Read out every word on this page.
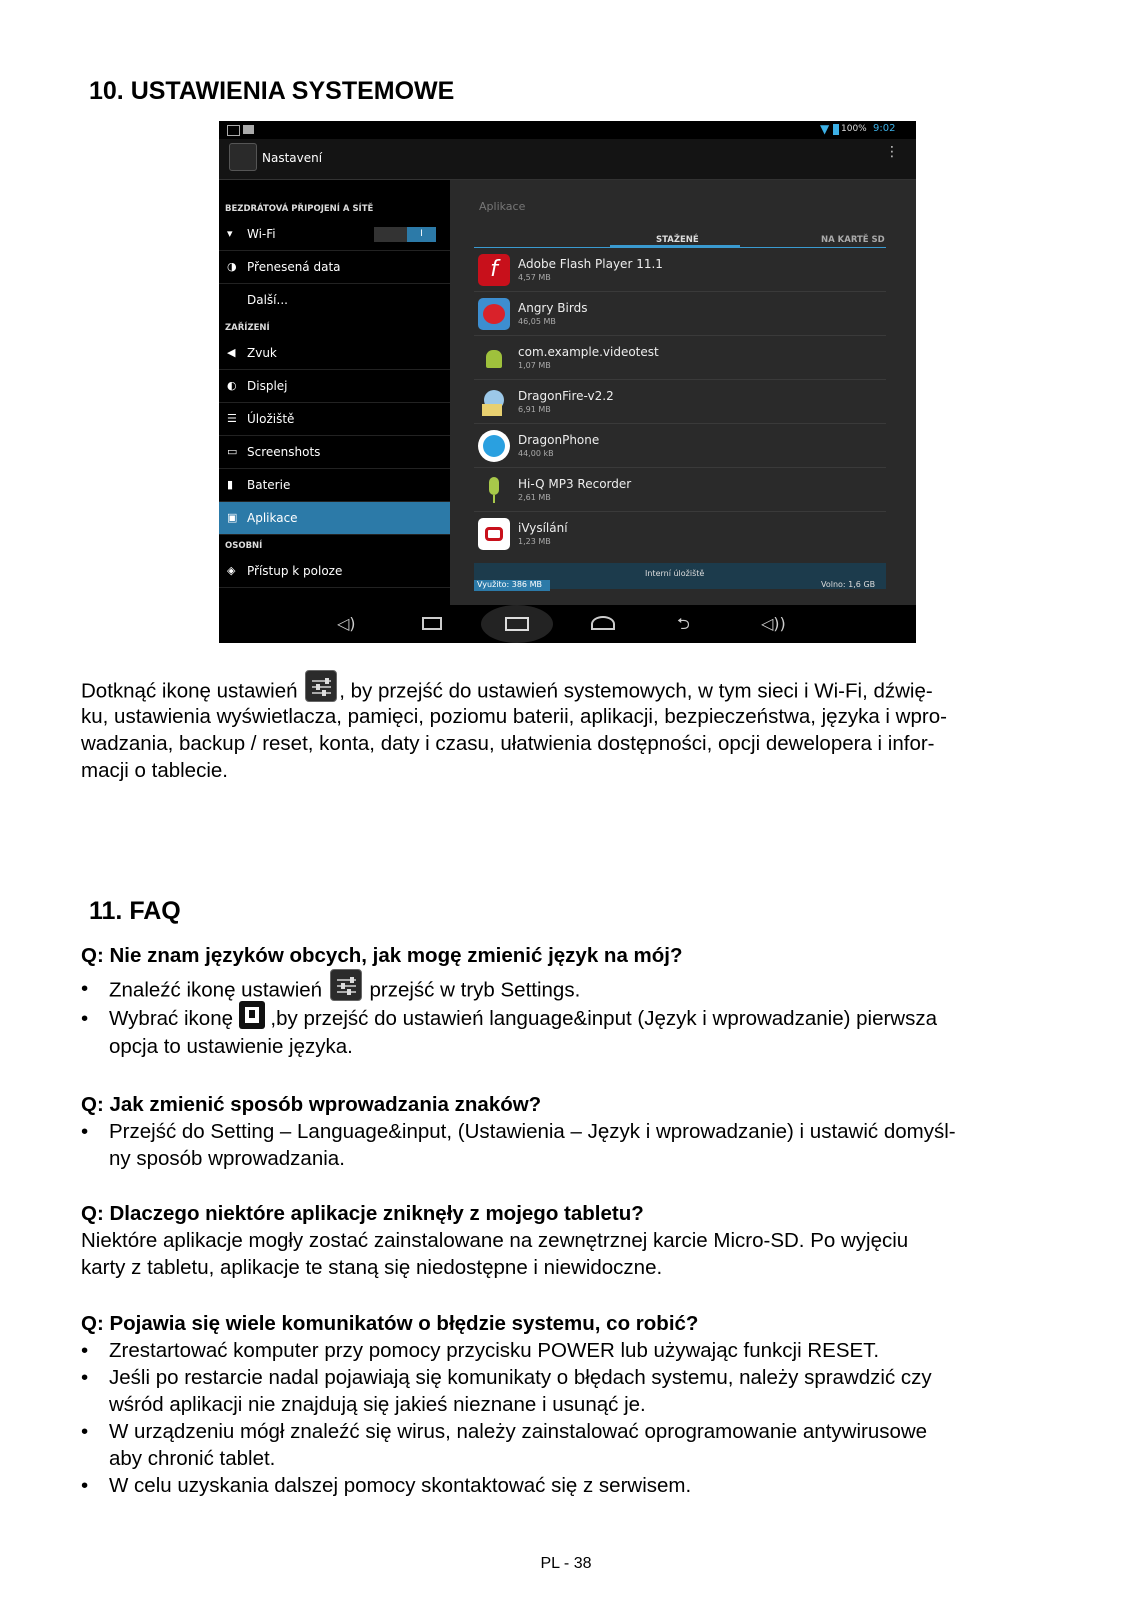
10. USTAWIENIA SYSTEMOWE
▼ 100% 9:02
Nastavení	⋮
BEZDRÁTOVÁ PŘIPOJENÍ A SÍTĚ
▾	Wi-Fi	I
◑ Přenesená data
Další...
ZAŘÍZENÍ
◀ Zvuk
◐ Displej
☰ Úložiště
▭ Screenshots
▮	Baterie
▣ Aplikace
OSOBNÍ
◈ Přístup k poloze
Aplikace
STAŽENÉ	NA KARTĚ SD
f	Adobe Flash Player 11.1
4,57 MB
Angry Birds
46,05 MB
com.example.videotest
1,07 MB
DragonFire-v2.2
6,91 MB
DragonPhone
44,00 kB
Hi-Q MP3 Recorder
2,61 MB
iVysílání
1,23 MB
Interní úložiště
Využito: 386 MB	Volno: 1,6 GB
◁)	⮌	◁))
Dotknąć ikonę ustawień , by przejść do ustawień systemowych, w tym sieci i Wi-Fi, dźwię-
ku, ustawienia wyświetlacza, pamięci, poziomu baterii, aplikacji, bezpieczeństwa, języka i wpro-
wadzania, backup / reset, konta, daty i czasu, ułatwienia dostępności, opcji dewelopera i infor-
macji o tablecie.
11. FAQ
Q: Nie znam języków obcych, jak mogę zmienić język na mój?
• Znaleźć ikonę ustawień
przejść w tryb Settings.
• Wybrać ikonę
,by przejść do ustawień language&input (Język i wprowadzanie) pierwsza
opcja to ustawienie języka.
Q: Jak zmienić sposób wprowadzania znaków?
• Przejść do Setting – Language&input, (Ustawienia – Język i wprowadzanie) i ustawić domyśl-
ny sposób wprowadzania.
Q: Dlaczego niektóre aplikacje zniknęły z mojego tabletu?
Niektóre aplikacje mogły zostać zainstalowane na zewnętrznej karcie Micro-SD. Po wyjęciu
karty z tabletu, aplikacje te staną się niedostępne i niewidoczne.
Q: Pojawia się wiele komunikatów o błędzie systemu, co robić?
• Zrestartować komputer przy pomocy przycisku POWER lub używając funkcji RESET.
• Jeśli po restarcie nadal pojawiają się komunikaty o błędach systemu, należy sprawdzić czy
wśród aplikacji nie znajdują się jakieś nieznane i usunąć je.
• W urządzeniu mógł znaleźć się wirus, należy zainstalować oprogramowanie antywirusowe
aby chronić tablet.
• W celu uzyskania dalszej pomocy skontaktować się z serwisem.
PL - 38
